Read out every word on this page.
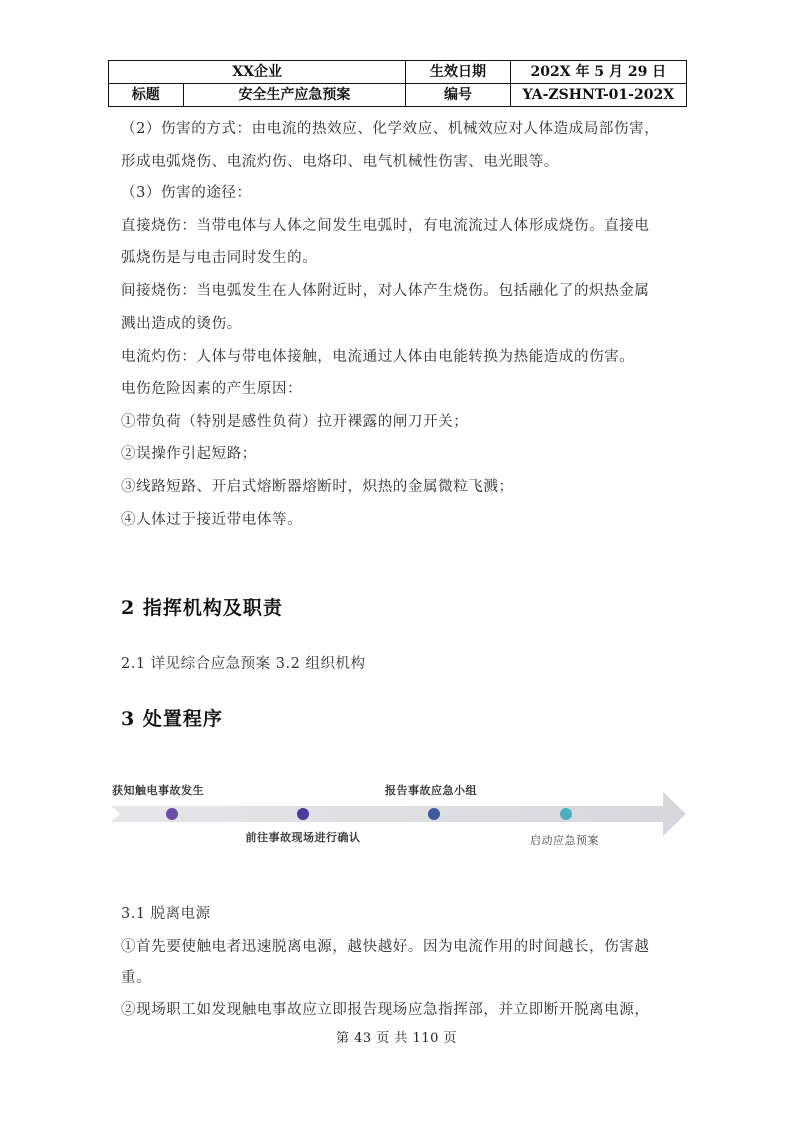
XX企业		生效日期	202X 年 5 月 29 日
标题	安全生产应急预案	编号	YA-ZSHNT-01-202X
（2）伤害的方式：由电流的热效应、化学效应、机械效应对人体造成局部伤害，
形成电弧烧伤、电流灼伤、电烙印、电气机械性伤害、电光眼等。
（3）伤害的途径：
直接烧伤：当带电体与人体之间发生电弧时，有电流流过人体形成烧伤。直接电
弧烧伤是与电击同时发生的。
间接烧伤：当电弧发生在人体附近时，对人体产生烧伤。包括融化了的炽热金属
溅出造成的烫伤。
电流灼伤：人体与带电体接触，电流通过人体由电能转换为热能造成的伤害。
电伤危险因素的产生原因：
①带负荷（特别是感性负荷）拉开裸露的闸刀开关；
②误操作引起短路；
③线路短路、开启式熔断器熔断时，炽热的金属微粒飞溅；
④人体过于接近带电体等。
2 指挥机构及职责
2.1 详见综合应急预案 3.2 组织机构
3 处置程序
获知触电事故发生
前往事故现场进行确认
报告事故应急小组
启动应急预案
3.1 脱离电源
①首先要使触电者迅速脱离电源，越快越好。因为电流作用的时间越长，伤害越
重。
②现场职工如发现触电事故应立即报告现场应急指挥部，并立即断开脱离电源，
第 43 页 共 110 页
